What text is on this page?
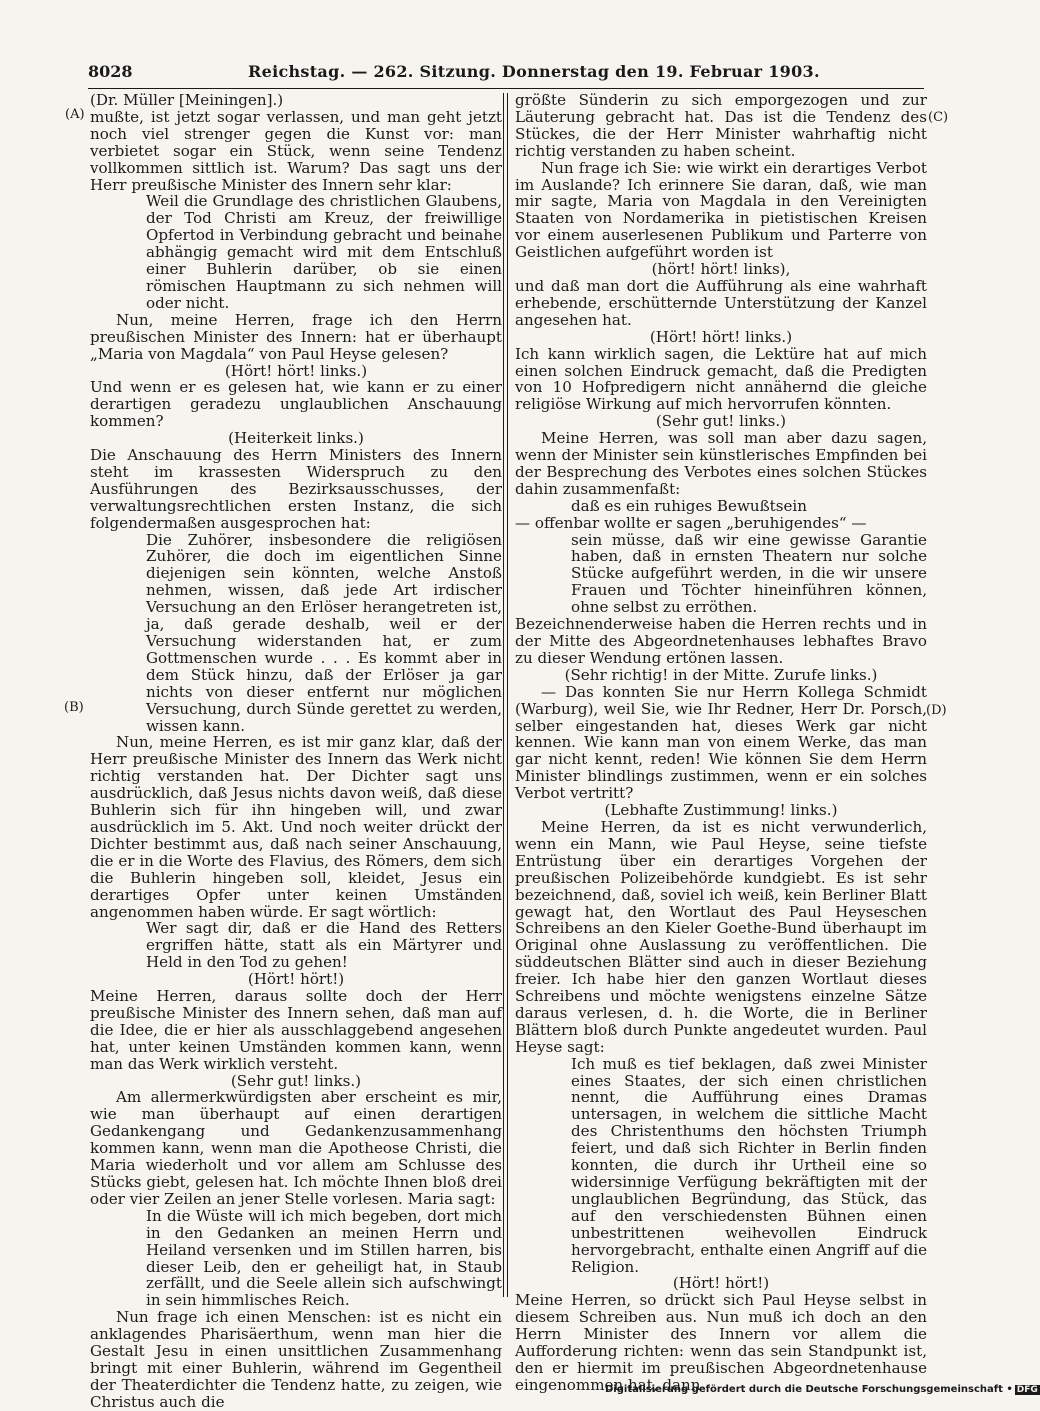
8028	Reichstag. — 262. Sitzung. Donnerstag den 19. Februar 1903.
(A)
(B)
(C)
(D)

(Dr. Müller [Meiningen].)

mußte, ist jetzt sogar verlassen, und man geht jetzt noch viel strenger gegen die Kunst vor: man verbietet sogar ein Stück, wenn seine Tendenz vollkommen sittlich ist. Warum? Das sagt uns der Herr preußische Minister des Innern sehr klar:

Weil die Grundlage des christlichen Glaubens, der Tod Christi am Kreuz, der freiwillige Opfertod in Verbindung gebracht und beinahe abhängig gemacht wird mit dem Entschluß einer Buhlerin darüber, ob sie einen römischen Hauptmann zu sich nehmen will oder nicht.

Nun, meine Herren, frage ich den Herrn preußischen Minister des Innern: hat er überhaupt „Maria von Magdala“ von Paul Heyse gelesen?

(Hört! hört! links.)

Und wenn er es gelesen hat, wie kann er zu einer derartigen geradezu unglaublichen Anschauung kommen?

(Heiterkeit links.)

Die Anschauung des Herrn Ministers des Innern steht im krassesten Widerspruch zu den Ausführungen des Bezirksausschusses, der verwaltungsrechtlichen ersten Instanz, die sich folgendermaßen ausgesprochen hat:

Die Zuhörer, insbesondere die religiösen Zuhörer, die doch im eigentlichen Sinne diejenigen sein könnten, welche Anstoß nehmen, wissen, daß jede Art irdischer Versuchung an den Erlöser herangetreten ist, ja, daß gerade deshalb, weil er der Versuchung widerstanden hat, er zum Gottmenschen wurde . . . Es kommt aber in dem Stück hinzu, daß der Erlöser ja gar nichts von dieser entfernt nur möglichen Versuchung, durch Sünde gerettet zu werden, wissen kann.

Nun, meine Herren, es ist mir ganz klar, daß der Herr preußische Minister des Innern das Werk nicht richtig verstanden hat. Der Dichter sagt uns ausdrücklich, daß Jesus nichts davon weiß, daß diese Buhlerin sich für ihn hingeben will, und zwar ausdrücklich im 5. Akt. Und noch weiter drückt der Dichter bestimmt aus, daß nach seiner Anschauung, die er in die Worte des Flavius, des Römers, dem sich die Buhlerin hingeben soll, kleidet, Jesus ein derartiges Opfer unter keinen Umständen angenommen haben würde. Er sagt wörtlich:

Wer sagt dir, daß er die Hand des Retters ergriffen hätte, statt als ein Märtyrer und Held in den Tod zu gehen!

(Hört! hört!)

Meine Herren, daraus sollte doch der Herr preußische Minister des Innern sehen, daß man auf die Idee, die er hier als ausschlaggebend angesehen hat, unter keinen Umständen kommen kann, wenn man das Werk wirklich versteht.

(Sehr gut! links.)

Am allermerkwürdigsten aber erscheint es mir, wie man überhaupt auf einen derartigen Gedankengang und Gedankenzusammenhang kommen kann, wenn man die Apotheose Christi, die Maria wiederholt und vor allem am Schlusse des Stücks giebt, gelesen hat. Ich möchte Ihnen bloß drei oder vier Zeilen an jener Stelle vorlesen. Maria sagt:

In die Wüste will ich mich begeben, dort mich in den Gedanken an meinen Herrn und Heiland versenken und im Stillen harren, bis dieser Leib, den er geheiligt hat, in Staub zerfällt, und die Seele allein sich aufschwingt in sein himmlisches Reich.

Nun frage ich einen Menschen: ist es nicht ein anklagendes Pharisäerthum, wenn man hier die Gestalt Jesu in einen unsittlichen Zusammenhang bringt mit einer Buhlerin, während im Gegentheil der Theaterdichter die Tendenz hatte, zu zeigen, wie Christus auch die

größte Sünderin zu sich emporgezogen und zur Läuterung gebracht hat. Das ist die Tendenz des Stückes, die der Herr Minister wahrhaftig nicht richtig verstanden zu haben scheint.

Nun frage ich Sie: wie wirkt ein derartiges Verbot im Auslande? Ich erinnere Sie daran, daß, wie man mir sagte, Maria von Magdala in den Vereinigten Staaten von Nordamerika in pietistischen Kreisen vor einem auserlesenen Publikum und Parterre von Geistlichen aufgeführt worden ist

(hört! hört! links),

und daß man dort die Aufführung als eine wahrhaft erhebende, erschütternde Unterstützung der Kanzel angesehen hat.

(Hört! hört! links.)

Ich kann wirklich sagen, die Lektüre hat auf mich einen solchen Eindruck gemacht, daß die Predigten von 10 Hofpredigern nicht annähernd die gleiche religiöse Wirkung auf mich hervorrufen könnten.

(Sehr gut! links.)

Meine Herren, was soll man aber dazu sagen, wenn der Minister sein künstlerisches Empfinden bei der Besprechung des Verbotes eines solchen Stückes dahin zusammenfaßt:

daß es ein ruhiges Bewußtsein

— offenbar wollte er sagen „beruhigendes“ —

sein müsse, daß wir eine gewisse Garantie haben, daß in ernsten Theatern nur solche Stücke aufgeführt werden, in die wir unsere Frauen und Töchter hineinführen können, ohne selbst zu erröthen.

Bezeichnenderweise haben die Herren rechts und in der Mitte des Abgeordnetenhauses lebhaftes Bravo zu dieser Wendung ertönen lassen.

(Sehr richtig! in der Mitte. Zurufe links.)

— Das konnten Sie nur Herrn Kollega Schmidt (Warburg), weil Sie, wie Ihr Redner, Herr Dr. Porsch, selber eingestanden hat, dieses Werk gar nicht kennen. Wie kann man von einem Werke, das man gar nicht kennt, reden! Wie können Sie dem Herrn Minister blindlings zustimmen, wenn er ein solches Verbot vertritt?

(Lebhafte Zustimmung! links.)

Meine Herren, da ist es nicht verwunderlich, wenn ein Mann, wie Paul Heyse, seine tiefste Entrüstung über ein derartiges Vorgehen der preußischen Polizeibehörde kundgiebt. Es ist sehr bezeichnend, daß, soviel ich weiß, kein Berliner Blatt gewagt hat, den Wortlaut des Paul Heyseschen Schreibens an den Kieler Goethe-Bund überhaupt im Original ohne Auslassung zu veröffentlichen. Die süddeutschen Blätter sind auch in dieser Beziehung freier. Ich habe hier den ganzen Wortlaut dieses Schreibens und möchte wenigstens einzelne Sätze daraus verlesen, d. h. die Worte, die in Berliner Blättern bloß durch Punkte angedeutet wurden. Paul Heyse sagt:

Ich muß es tief beklagen, daß zwei Minister eines Staates, der sich einen christlichen nennt, die Aufführung eines Dramas untersagen, in welchem die sittliche Macht des Christenthums den höchsten Triumph feiert, und daß sich Richter in Berlin finden konnten, die durch ihr Urtheil eine so widersinnige Verfügung bekräftigten mit der unglaublichen Begründung, das Stück, das auf den verschiedensten Bühnen einen unbestrittenen weihevollen Eindruck hervorgebracht, enthalte einen Angriff auf die Religion.

(Hört! hört!)

Meine Herren, so drückt sich Paul Heyse selbst in diesem Schreiben aus. Nun muß ich doch an den Herrn Minister des Innern vor allem die Aufforderung richten: wenn das sein Standpunkt ist, den er hiermit im preußischen Abgeordnetenhause eingenommen hat, dann

Digitalisierung gefördert durch die Deutsche Forschungsgemeinschaft • DFG
